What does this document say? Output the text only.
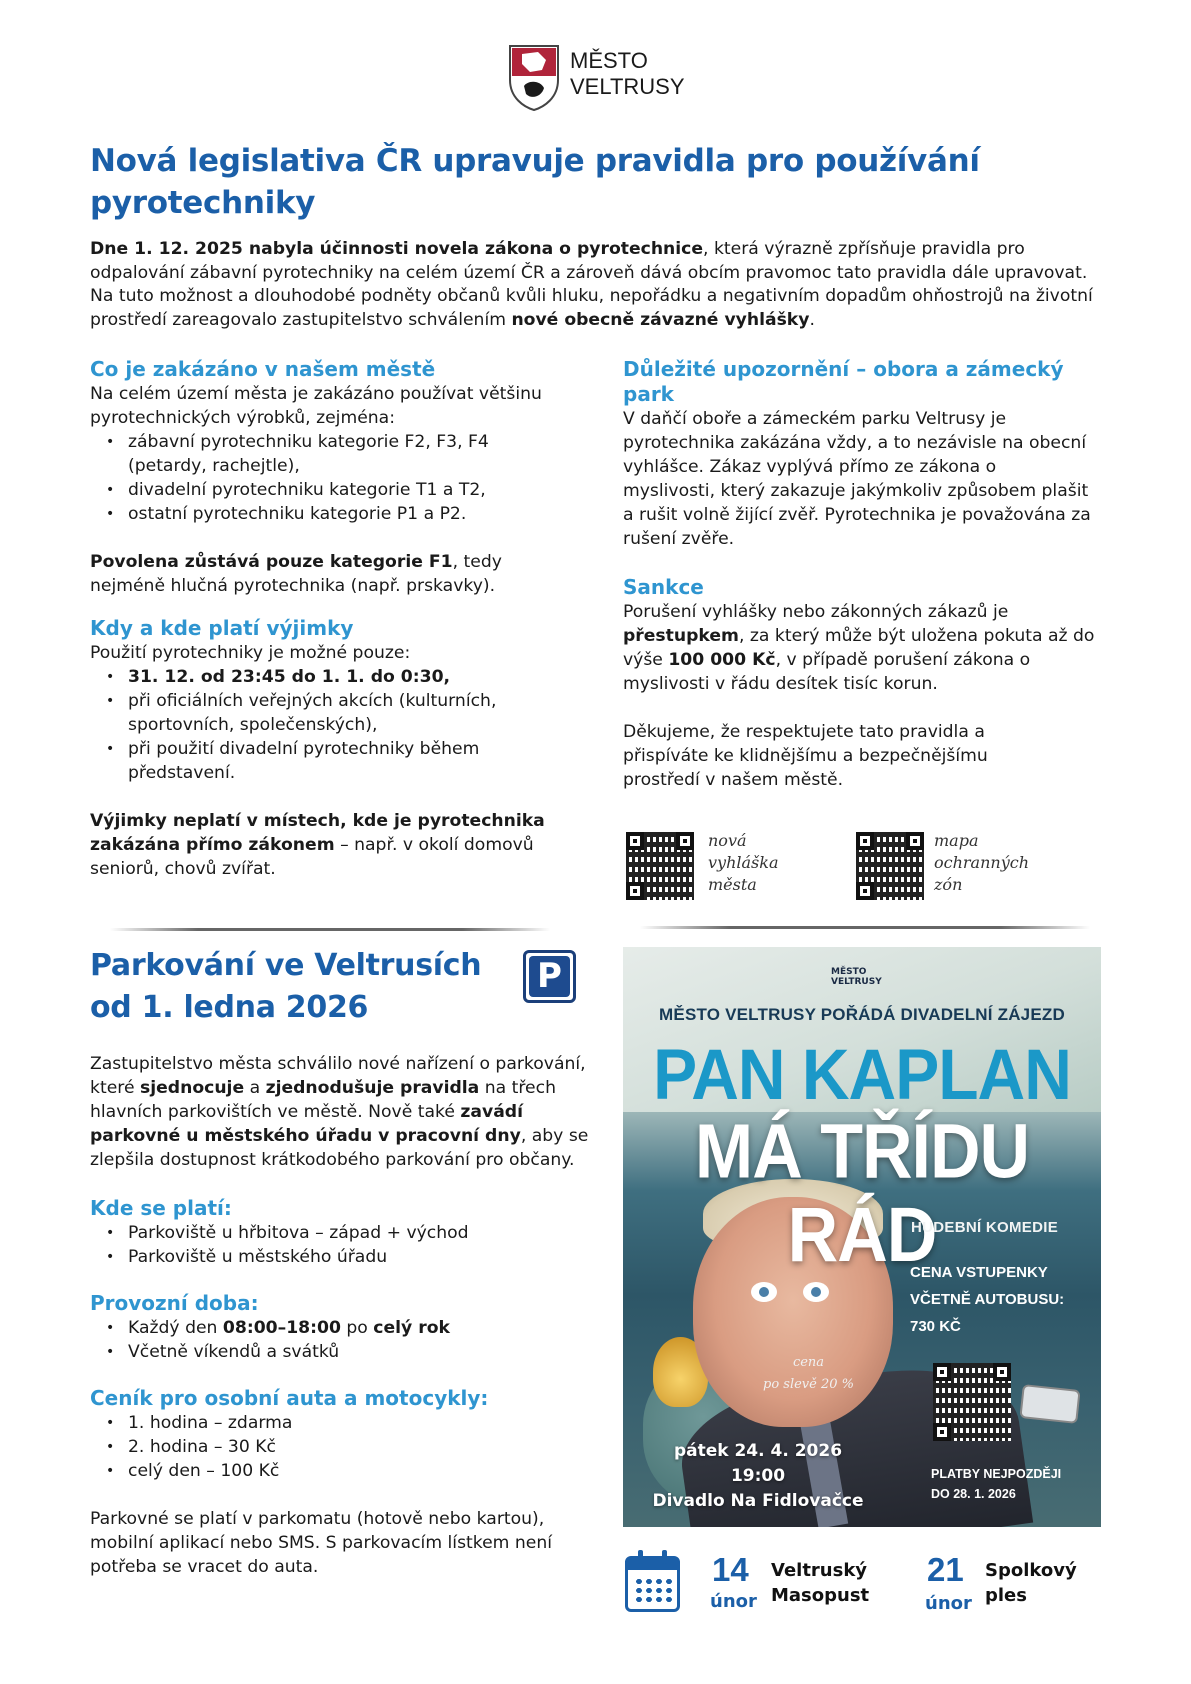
MĚSTO
VELTRUSY
Nová legislativa ČR upravuje pravidla pro používání pyrotechniky

Dne 1. 12. 2025 nabyla účinnosti novela zákona o pyrotechnice, která výrazně zpřísňuje pravidla pro odpalování zábavní pyrotechniky na celém území ČR a zároveň dává obcím pravomoc tato pravidla dále upravovat. Na tuto možnost a dlouhodobé podněty občanů kvůli hluku, nepořádku a negativním dopadům ohňostrojů na životní prostředí zareagovalo zastupitelstvo schválením nové obecně závazné vyhlášky.

Co je zakázáno v našem městě

Na celém území města je zakázáno používat většinu pyrotechnických výrobků, zejména:

• zábavní pyrotechniku kategorie F2, F3, F4 (petardy, rachejtle),
• divadelní pyrotechniku kategorie T1 a T2,
• ostatní pyrotechniku kategorie P1 a P2.

Povolena zůstává pouze kategorie F1, tedy nejméně hlučná pyrotechnika (např. prskavky).

Kdy a kde platí výjimky

Použití pyrotechniky je možné pouze:

• 31. 12. od 23:45 do 1. 1. do 0:30,
• při oficiálních veřejných akcích (kulturních, sportovních, společenských),
• při použití divadelní pyrotechniky během představení.

Výjimky neplatí v místech, kde je pyrotechnika zakázána přímo zákonem – např. v okolí domovů seniorů, chovů zvířat.

Důležité upozornění – obora a zámecký park

V daňčí oboře a zámeckém parku Veltrusy je pyrotechnika zakázána vždy, a to nezávisle na obecní vyhlášce. Zákaz vyplývá přímo ze zákona o myslivosti, který zakazuje jakýmkoliv způsobem plašit a rušit volně žijící zvěř. Pyrotechnika je považována za rušení zvěře.

Sankce

Porušení vyhlášky nebo zákonných zákazů je přestupkem, za který může být uložena pokuta až do výše 100 000 Kč, v případě porušení zákona o myslivosti v řádu desítek tisíc korun.

Děkujeme, že respektujete tato pravidla a přispíváte ke klidnějšímu a bezpečnějšímu prostředí v našem městě.

nová
vyhláška
města
mapa
ochranných
zón
Parkování ve Veltrusích
od 1. ledna 2026
P

Zastupitelstvo města schválilo nové nařízení o parkování, které sjednocuje a zjednodušuje pravidla na třech hlavních parkovištích ve městě. Nově také zavádí parkovné u městského úřadu v pracovní dny, aby se zlepšila dostupnost krátkodobého parkování pro občany.

Kde se platí:
• Parkoviště u hřbitova – západ + východ
• Parkoviště u městského úřadu
Provozní doba:
• Každý den 08:00–18:00 po celý rok
• Včetně víkendů a svátků
Ceník pro osobní auta a motocykly:
• 1. hodina – zdarma
• 2. hodina – 30 Kč
• celý den – 100 Kč

Parkovné se platí v parkomatu (hotově nebo kartou), mobilní aplikací nebo SMS. S parkovacím lístkem není potřeba se vracet do auta.

MĚSTO
VELTRUSY
MĚSTO VELTRUSY POŘÁDÁ DIVADELNÍ ZÁJEZD
PAN KAPLAN
MÁ TŘÍDU RÁD
HUDEBNÍ KOMEDIE
CENA VSTUPENKY
VČETNĚ AUTOBUSU:
730 KČ
cena
po slevě 20 %
pátek 24. 4. 2026
19:00
Divadlo Na Fidlovačce
PLATBY NEJPOZDĚJI
DO 28. 1. 2026
14
únor
Veltruský
Masopust
21
únor
Spolkový
ples
